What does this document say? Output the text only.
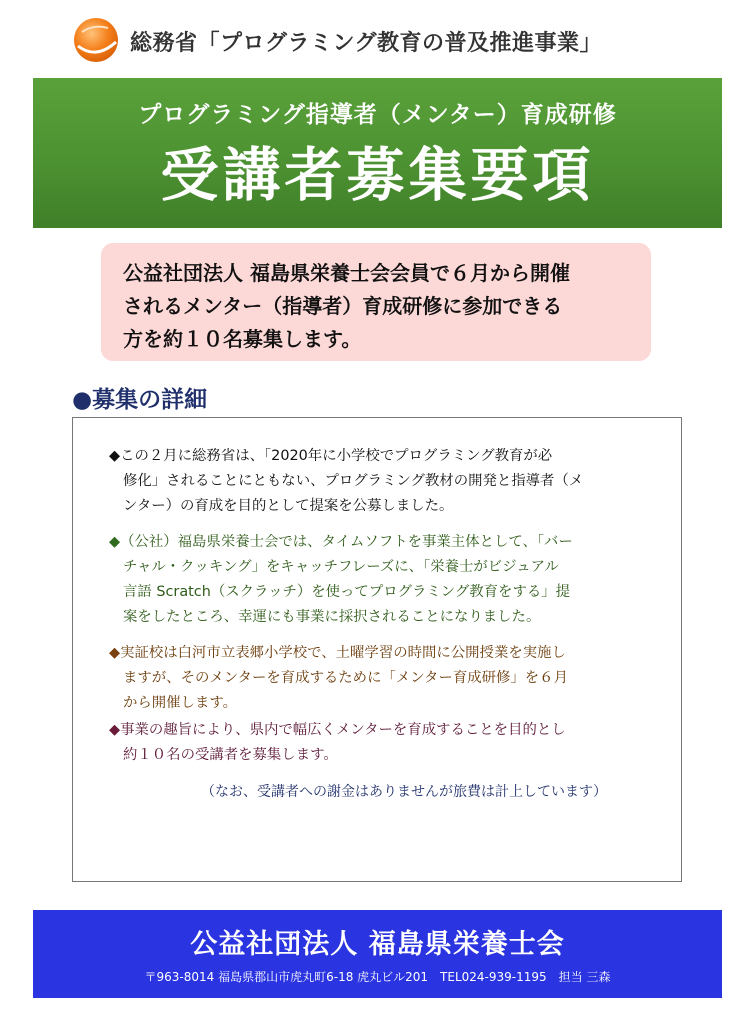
総務省「プログラミング教育の普及推進事業」
プログラミング指導者（メンター）育成研修
受講者募集要項
公益社団法人 福島県栄養士会会員で６月から開催
されるメンター（指導者）育成研修に参加できる
方を約１０名募集します。
●募集の詳細
◆この２月に総務省は、「2020年に小学校でプログラミング教育が必
修化」されることにともない、プログラミング教材の開発と指導者（メ
ンター）の育成を目的として提案を公募しました。
◆（公社）福島県栄養士会では、タイムソフトを事業主体として、「バー
チャル・クッキング」をキャッチフレーズに、「栄養士がビジュアル
言語 Scratch（スクラッチ）を使ってプログラミング教育をする」提
案をしたところ、幸運にも事業に採択されることになりました。
◆実証校は白河市立表郷小学校で、土曜学習の時間に公開授業を実施し
ますが、そのメンターを育成するために「メンター育成研修」を６月
から開催します。
◆事業の趣旨により、県内で幅広くメンターを育成することを目的とし
約１０名の受講者を募集します。
（なお、受講者への謝金はありませんが旅費は計上しています）
公益社団法人 福島県栄養士会
〒963-8014 福島県郡山市虎丸町6-18 虎丸ビル201　TEL024-939-1195　担当 三森
